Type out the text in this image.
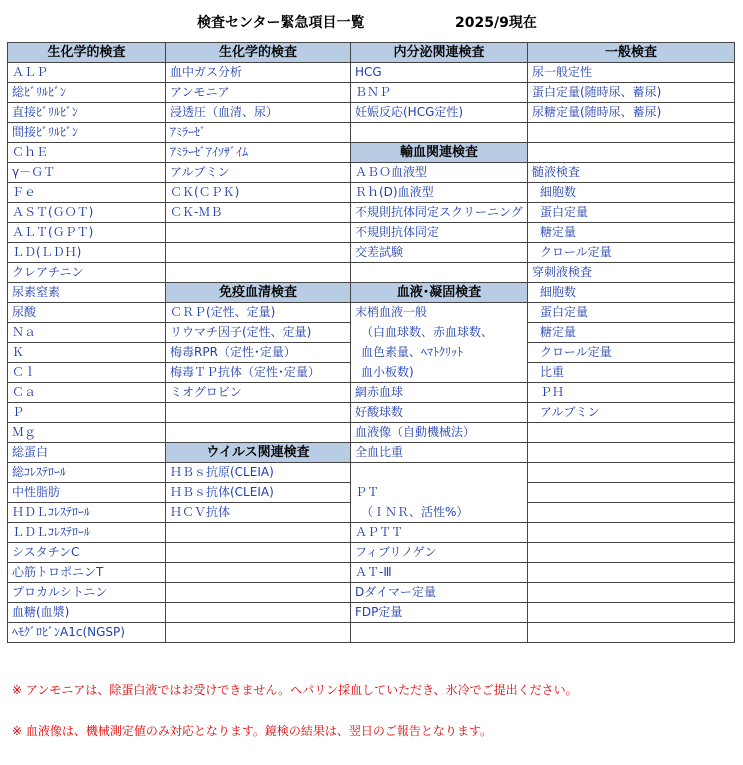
検査センター緊急項目一覧	2025/9現在
生化学的検査	生化学的検査	内分泌関連検査	一般検査
ＡＬＰ	血中ガス分析	HCG	尿一般定性
総ﾋﾞﾘﾙﾋﾞﾝ	アンモニア	ＢＮＰ	蛋白定量(随時尿、蓄尿)
直接ﾋﾞﾘﾙﾋﾞﾝ	浸透圧（血清、尿）	妊娠反応(HCG定性)	尿糖定量(随時尿、蓄尿)
間接ﾋﾞﾘﾙﾋﾞﾝ	ｱﾐﾗｰｾﾞ		
ＣｈＥ	ｱﾐﾗｰｾﾞｱｲｿｻﾞｲﾑ	輸血関連検査	
γ－ＧＴ	アルブミン	ＡＢＯ血液型	髄液検査
Ｆｅ	ＣＫ(ＣＰＫ)	Ｒｈ(D)血液型	細胞数
ＡＳＴ(ＧＯＴ)	ＣＫ-ＭＢ	不規則抗体同定スクリーニング	蛋白定量
ＡＬＴ(ＧＰＴ)		不規則抗体同定	糖定量
ＬＤ(ＬＤＨ)		交差試験	クロール定量
クレアチニン			穿刺液検査
尿素窒素	免疫血清検査	血液･凝固検査	細胞数
尿酸	ＣＲＰ(定性、定量)	末梢血液一般	蛋白定量
Ｎａ	リウマチ因子(定性、定量)	（白血球数、赤血球数、	糖定量
Ｋ	梅毒RPR（定性･定量）	血色素量、ﾍﾏﾄｸﾘｯﾄ	クロール定量
Ｃｌ	梅毒ＴＰ抗体（定性･定量）	血小板数)	比重
Ｃａ	ミオグロビン	網赤血球	ＰＨ
Ｐ		好酸球数	アルブミン
Ｍｇ		血液像（自動機械法）	
総蛋白	ウイルス関連検査	全血比重	
総ｺﾚｽﾃﾛｰﾙ	ＨＢｓ抗原(CLEIA)		
中性脂肪	ＨＢｓ抗体(CLEIA)	ＰＴ	
ＨＤＬｺﾚｽﾃﾛｰﾙ	ＨＣＶ抗体	（ＩＮＲ、活性%）	
ＬＤＬｺﾚｽﾃﾛｰﾙ		ＡＰＴＴ	
シスタチンC		フィブリノゲン	
心筋トロポニンT		ＡＴ-Ⅲ	
プロカルシトニン		Dダイマー定量	
血糖(血漿)		FDP定量	
ﾍﾓｸﾞﾛﾋﾞﾝA1c(NGSP)			
※ アンモニアは、除蛋白液ではお受けできません。ヘパリン採血していただき、氷冷でご提出ください。
※ 血液像は、機械測定値のみ対応となります。鏡検の結果は、翌日のご報告となります。
